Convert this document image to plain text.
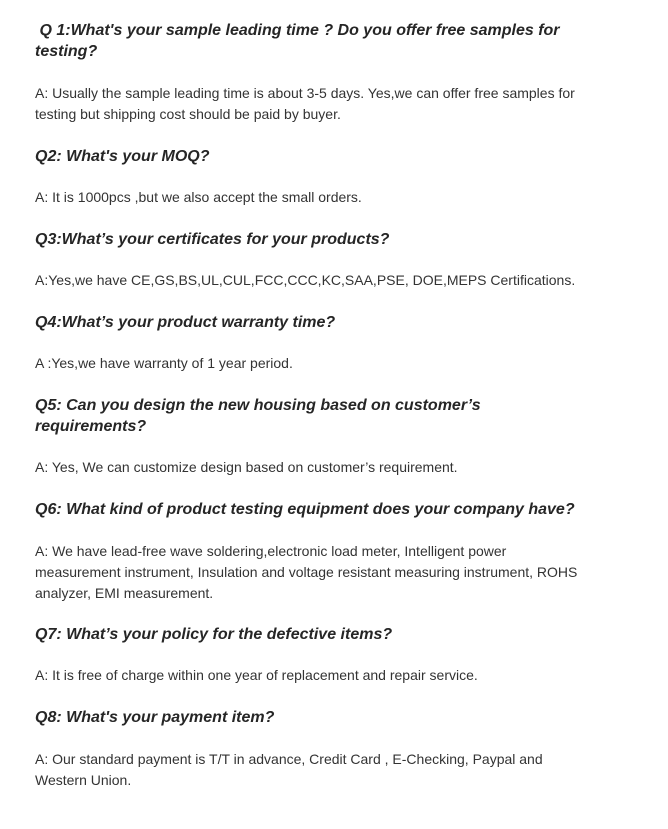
Q 1:What's your sample leading time ? Do you offer free samples for testing?

A: Usually the sample leading time is about 3-5 days. Yes,we can offer free samples for testing but shipping cost should be paid by buyer.

Q2: What's your MOQ?

A: It is 1000pcs ,but we also accept the small orders.

Q3:What’s your certificates for your products?

A:Yes,we have CE,GS,BS,UL,CUL,FCC,CCC,KC,SAA,PSE, DOE,MEPS Certifications.

Q4:What’s your product warranty time?

A :Yes,we have warranty of 1 year period.

Q5: Can you design the new housing based on customer’s requirements?

A: Yes, We can customize design based on customer’s requirement.

Q6: What kind of product testing equipment does your company have?

A: We have lead-free wave soldering,electronic load meter, Intelligent power measurement instrument, Insulation and voltage resistant measuring instrument, ROHS analyzer, EMI measurement.

Q7: What’s your policy for the defective items?

A: It is free of charge within one year of replacement and repair service.

Q8: What's your payment item?

A: Our standard payment is T/T in advance, Credit Card , E-Checking, Paypal and Western Union.
